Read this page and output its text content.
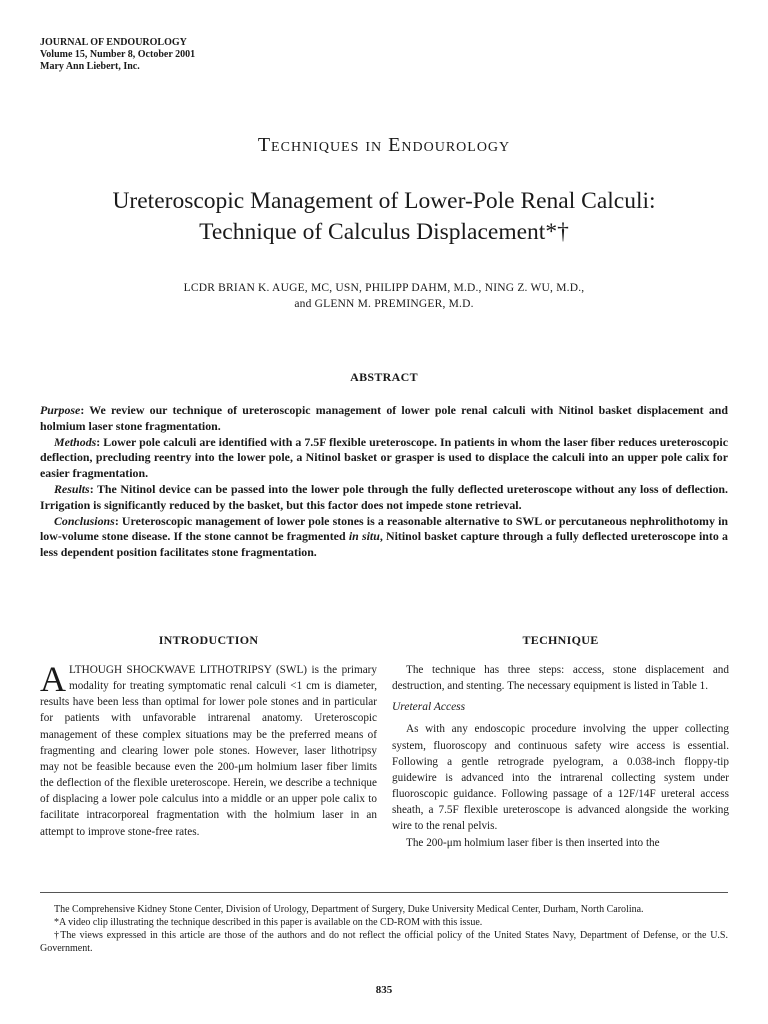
JOURNAL OF ENDOUROLOGY
Volume 15, Number 8, October 2001
Mary Ann Liebert, Inc.
Techniques in Endourology
Ureteroscopic Management of Lower-Pole Renal Calculi:
Technique of Calculus Displacement*†
LCDR BRIAN K. AUGE, MC, USN, PHILIPP DAHM, M.D., NING Z. WU, M.D.,
and GLENN M. PREMINGER, M.D.
ABSTRACT

Purpose: We review our technique of ureteroscopic management of lower pole renal calculi with Nitinol basket displacement and holmium laser stone fragmentation.

Methods: Lower pole calculi are identified with a 7.5F flexible ureteroscope. In patients in whom the laser fiber reduces ureteroscopic deflection, precluding reentry into the lower pole, a Nitinol basket or grasper is used to displace the calculi into an upper pole calix for easier fragmentation.

Results: The Nitinol device can be passed into the lower pole through the fully deflected ureteroscope without any loss of deflection. Irrigation is significantly reduced by the basket, but this factor does not impede stone retrieval.

Conclusions: Ureteroscopic management of lower pole stones is a reasonable alternative to SWL or percutaneous nephrolithotomy in low-volume stone disease. If the stone cannot be fragmented in situ, Nitinol basket capture through a fully deflected ureteroscope into a less dependent position facilitates stone fragmentation.

INTRODUCTION	TECHNIQUE

ALTHOUGH SHOCKWAVE LITHOTRIPSY (SWL) is the primary modality for treating symptomatic renal calculi <1 cm is diameter, results have been less than optimal for lower pole stones and in particular for patients with unfavorable intrarenal anatomy. Ureteroscopic management of these complex situations may be the preferred means of fragmenting and clearing lower pole stones. However, laser lithotripsy may not be feasible because even the 200-μm holmium laser fiber limits the deflection of the flexible ureteroscope. Herein, we describe a technique of displacing a lower pole calculus into a middle or an upper pole calix to facilitate intracorporeal fragmentation with the holmium laser in an attempt to improve stone-free rates.

The technique has three steps: access, stone displacement and destruction, and stenting. The necessary equipment is listed in Table 1.

Ureteral Access

As with any endoscopic procedure involving the upper collecting system, fluoroscopy and continuous safety wire access is essential. Following a gentle retrograde pyelogram, a 0.038-inch floppy-tip guidewire is advanced into the intrarenal collecting system under fluoroscopic guidance. Following passage of a 12F/14F ureteral access sheath, a 7.5F flexible ureteroscope is advanced alongside the working wire to the renal pelvis.

The 200-μm holmium laser fiber is then inserted into the

The Comprehensive Kidney Stone Center, Division of Urology, Department of Surgery, Duke University Medical Center, Durham, North Carolina.

*A video clip illustrating the technique described in this paper is available on the CD-ROM with this issue.

†The views expressed in this article are those of the authors and do not reflect the official policy of the United States Navy, Department of Defense, or the U.S. Government.

835
